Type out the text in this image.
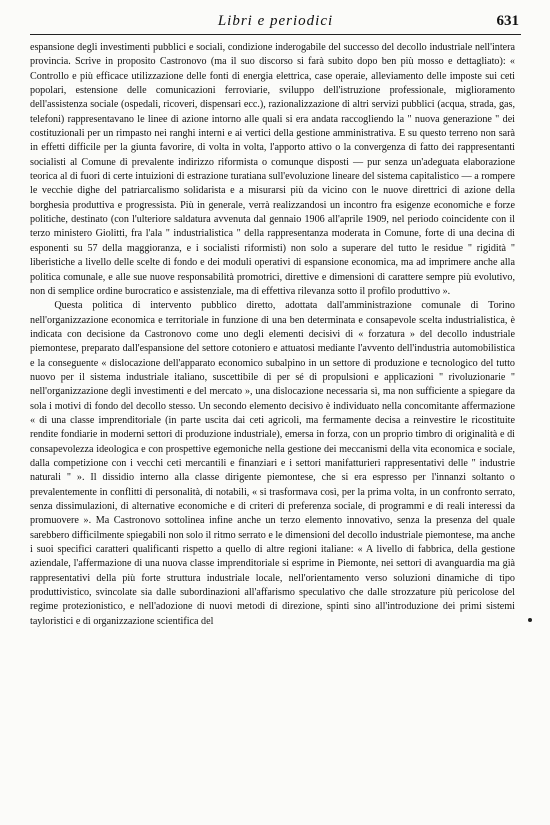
Libri e periodici	631

espansione degli investimenti pubblici e sociali, condizione inderogabile del successo del decollo industriale nell'intera provincia. Scrive in proposito Castronovo (ma il suo discorso si farà subito dopo ben più mosso e dettagliato): « Controllo e più efficace utilizzazione delle fonti di energia elettrica, case operaie, alleviamento delle imposte sui ceti popolari, estensione delle comunicazioni ferroviarie, sviluppo dell'istruzione professionale, miglioramento dell'assistenza sociale (ospedali, ricoveri, dispensari ecc.), razionalizzazione di altri servizi pubblici (acqua, strada, gas, telefoni) rappresentavano le linee di azione intorno alle quali si era andata raccogliendo la " nuova generazione " dei costituzionali per un rimpasto nei ranghi interni e ai vertici della gestione amministrativa. E su questo terreno non sarà in effetti difficile per la giunta favorire, di volta in volta, l'apporto attivo o la convergenza di fatto dei rappresentanti socialisti al Comune di prevalente indirizzo riformista o comunque disposti — pur senza un'adeguata elaborazione teorica al di fuori di certe intuizioni di estrazione turatiana sull'evoluzione lineare del sistema capitalistico — a rompere le vecchie dighe del patriarcalismo solidarista e a misurarsi più da vicino con le nuove direttrici di azione della borghesia produttiva e progressista. Più in generale, verrà realizzandosi un incontro fra esigenze economiche e forze politiche, destinato (con l'ulteriore saldatura avvenuta dal gennaio 1906 all'aprile 1909, nel periodo coincidente con il terzo ministero Giolitti, fra l'ala " industrialistica " della rappresentanza moderata in Comune, forte di una decina di esponenti su 57 della maggioranza, e i socialisti riformisti) non solo a superare del tutto le residue " rigidità " liberistiche a livello delle scelte di fondo e dei moduli operativi di espansione economica, ma ad imprimere anche alla politica comunale, e alle sue nuove responsabilità promotrici, direttive e dimensioni di carattere sempre più evolutivo, non di semplice ordine burocratico e assistenziale, ma di effettiva rilevanza sotto il profilo produttivo ».

Questa politica di intervento pubblico diretto, adottata dall'amministrazione comunale di Torino nell'organizzazione economica e territoriale in funzione di una ben determinata e consapevole scelta industrialistica, è indicata con decisione da Castronovo come uno degli elementi decisivi di « forzatura » del decollo industriale piemontese, preparato dall'espansione del settore cotoniero e attuatosi mediante l'avvento dell'industria automobilistica e la conseguente « dislocazione dell'apparato economico subalpino in un settore di produzione e tecnologico del tutto nuovo per il sistema industriale italiano, suscettibile di per sé di propulsioni e applicazioni " rivoluzionarie " nell'organizzazione degli investimenti e del mercato », una dislocazione necessaria sì, ma non sufficiente a spiegare da sola i motivi di fondo del decollo stesso. Un secondo elemento decisivo è individuato nella concomitante affermazione « di una classe imprenditoriale (in parte uscita dai ceti agricoli, ma fermamente decisa a reinvestire le ricostituite rendite fondiarie in moderni settori di produzione industriale), emersa in forza, con un proprio timbro di originalità e di consapevolezza ideologica e con prospettive egemoniche nella gestione dei meccanismi della vita economica e sociale, dalla competizione con i vecchi ceti mercantili e finanziari e i settori manifatturieri rappresentativi delle " industrie naturali " ». Il dissidio interno alla classe dirigente piemontese, che si era espresso per l'innanzi soltanto o prevalentemente in conflitti di personalità, di notabili, « si trasformava così, per la prima volta, in un confronto serrato, senza dissimulazioni, di alternative economiche e di criteri di preferenza sociale, di programmi e di reali interessi da promuovere ». Ma Castronovo sottolinea infine anche un terzo elemento innovativo, senza la presenza del quale sarebbero difficilmente spiegabili non solo il ritmo serrato e le dimensioni del decollo industriale piemontese, ma anche i suoi specifici caratteri qualificanti rispetto a quello di altre regioni italiane: « A livello di fabbrica, della gestione aziendale, l'affermazione di una nuova classe imprenditoriale si esprime in Piemonte, nei settori di avanguardia ma già rappresentativi della più forte struttura industriale locale, nell'orientamento verso soluzioni dinamiche di tipo produttivistico, svincolate sia dalle subordinazioni all'affarismo speculativo che dalle strozzature più pericolose del regime protezionistico, e nell'adozione di nuovi metodi di direzione, spinti sino all'introduzione dei primi sistemi tayloristici e di organizzazione scientifica del
